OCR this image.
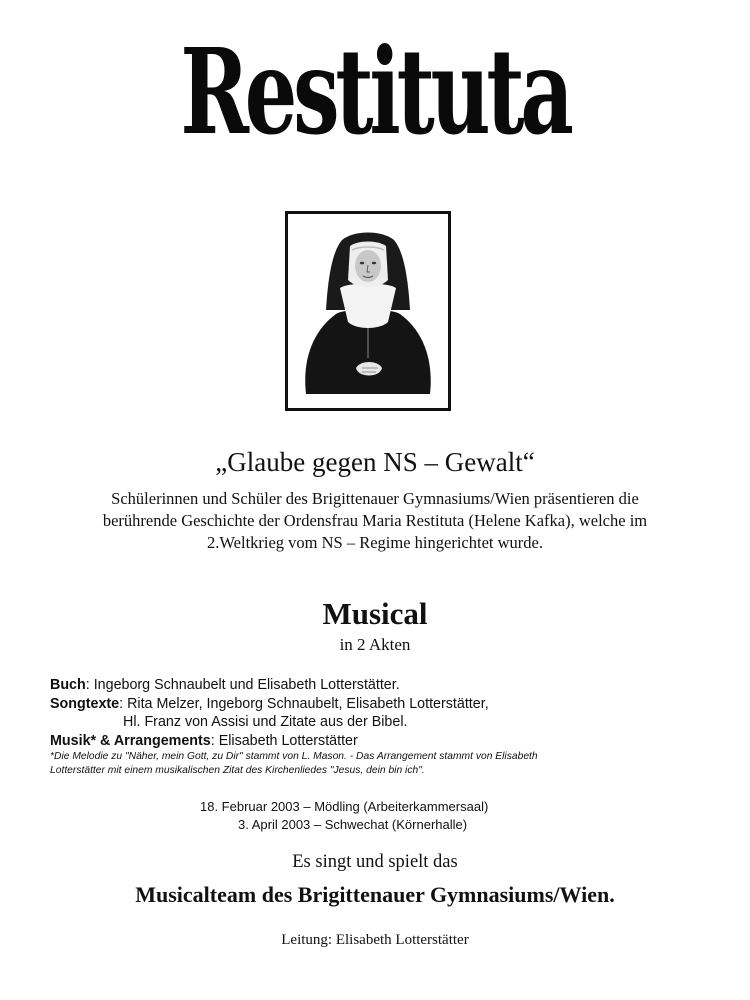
Restituta
„Glaube gegen NS – Gewalt“
Schülerinnen und Schüler des Brigittenauer Gymnasiums/Wien präsentieren die
berührende Geschichte der Ordensfrau Maria Restituta (Helene Kafka), welche im
2.Weltkrieg vom NS – Regime hingerichtet wurde.
Musical
in 2 Akten
Buch: Ingeborg Schnaubelt und Elisabeth Lotterstätter.
Songtexte: Rita Melzer, Ingeborg Schnaubelt, Elisabeth Lotterstätter,
Hl. Franz von Assisi und Zitate aus der Bibel.
Musik* & Arrangements: Elisabeth Lotterstätter
*Die Melodie zu "Näher, mein Gott, zu Dir" stammt von L. Mason. - Das Arrangement stammt von Elisabeth
Lotterstätter mit einem musikalischen Zitat des Kirchenliedes "Jesus, dein bin ich".
18. Februar 2003 – Mödling (Arbeiterkammersaal)
3. April 2003 – Schwechat (Körnerhalle)
Es singt und spielt das
Musicalteam des Brigittenauer Gymnasiums/Wien.
Leitung: Elisabeth Lotterstätter
